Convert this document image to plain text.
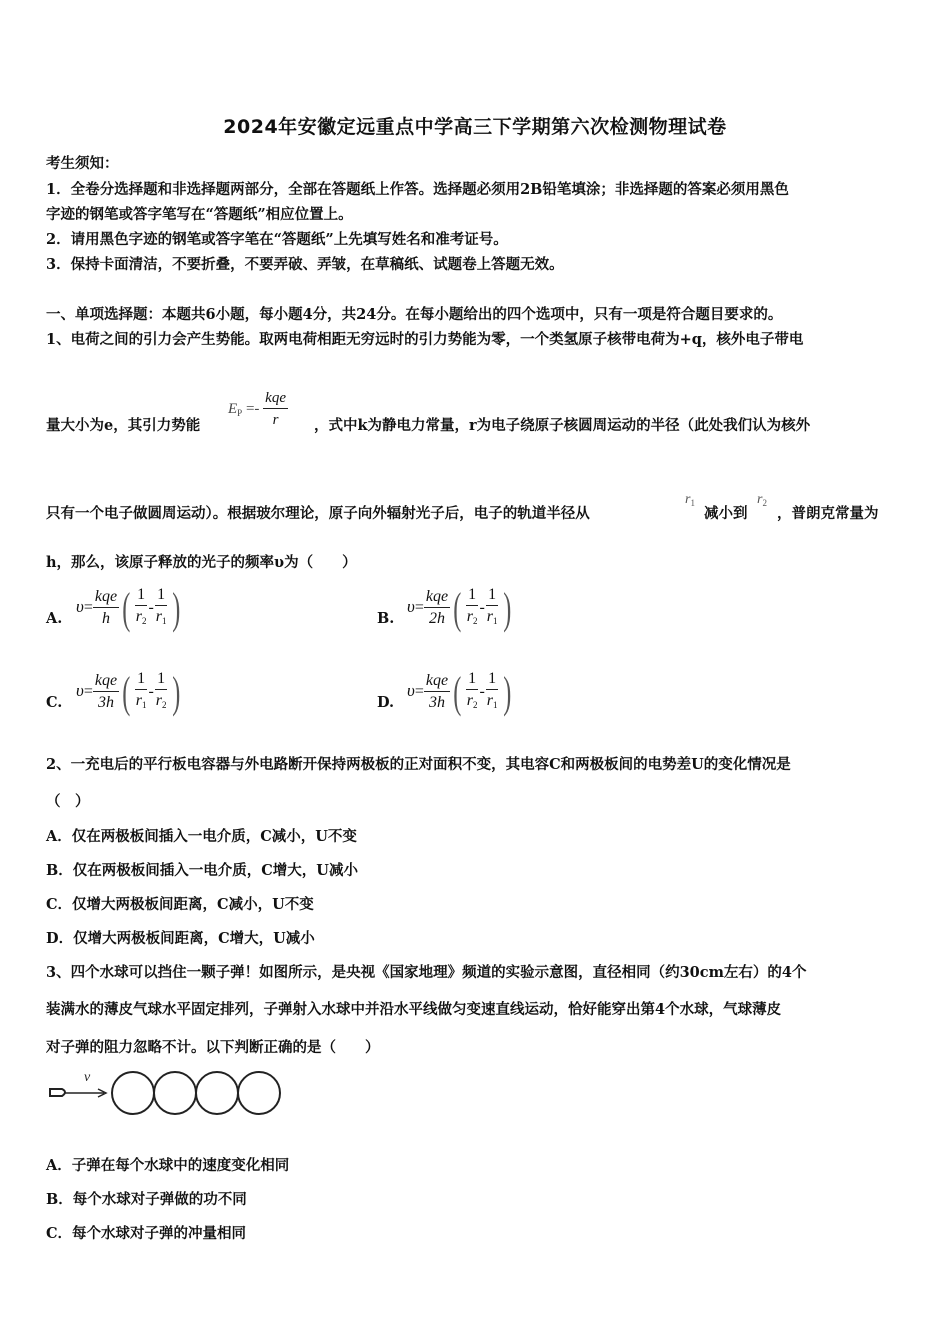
2024年安徽定远重点中学高三下学期第六次检测物理试卷
考生须知：
1．全卷分选择题和非选择题两部分，全部在答题纸上作答。选择题必须用2B铅笔填涂；非选择题的答案必须用黑色
字迹的钢笔或答字笔写在“答题纸”相应位置上。
2．请用黑色字迹的钢笔或答字笔在“答题纸”上先填写姓名和准考证号。
3．保持卡面清洁，不要折叠，不要弄破、弄皱，在草稿纸、试题卷上答题无效。
一、单项选择题：本题共6小题，每小题4分，共24分。在每小题给出的四个选项中，只有一项是符合题目要求的。
1、电荷之间的引力会产生势能。取两电荷相距无穷远时的引力势能为零，一个类氢原子核带电荷为+q，核外电子带电
量大小为e，其引力势能
$E_P =- \frac{\text{kqe}}{r}$ ，式中k为静电力常量，r为电子绕原子核圆周运动的半径（此处我们认为核外
只有一个电子做圆周运动）。根据玻尔理论，原子向外辐射光子后，电子的轨道半径从
$r_1$
减小到
$r_2$
，普朗克常量为
h，那么，该原子释放的光子的频率υ为（　　）
A.
$\upsilon= \frac{\text{kqe}}{h}$ ( $\frac{1}{r_2} - \frac{1}{r_1}$ )	B.
$\upsilon= \frac{\text{kqe}}{2h}$ ( $\frac{1}{r_2} - \frac{1}{r_1}$ )
C.
$\upsilon= \frac{\text{kqe}}{3h}$ ( $\frac{1}{r_1} - \frac{1}{r_2}$ )	D.
$\upsilon= \frac{\text{kqe}}{3h}$ ( $\frac{1}{r_2} - \frac{1}{r_1}$ )
2、一充电后的平行板电容器与外电路断开保持两极板的正对面积不变，其电容C和两极板间的电势差U的变化情况是
（　）
A．仅在两极板间插入一电介质，C减小，U不变
B．仅在两极板间插入一电介质，C增大，U减小
C．仅增大两极板间距离，C减小，U不变
D．仅增大两极板间距离，C增大，U减小
3、四个水球可以挡住一颗子弹！如图所示，是央视《国家地理》频道的实验示意图，直径相同（约30cm左右）的4个
装满水的薄皮气球水平固定排列，子弹射入水球中并沿水平线做匀变速直线运动，恰好能穿出第4个水球，气球薄皮
对子弹的阻力忽略不计。以下判断正确的是（　　）
v
A．子弹在每个水球中的速度变化相同
B．每个水球对子弹做的功不同
C．每个水球对子弹的冲量相同
